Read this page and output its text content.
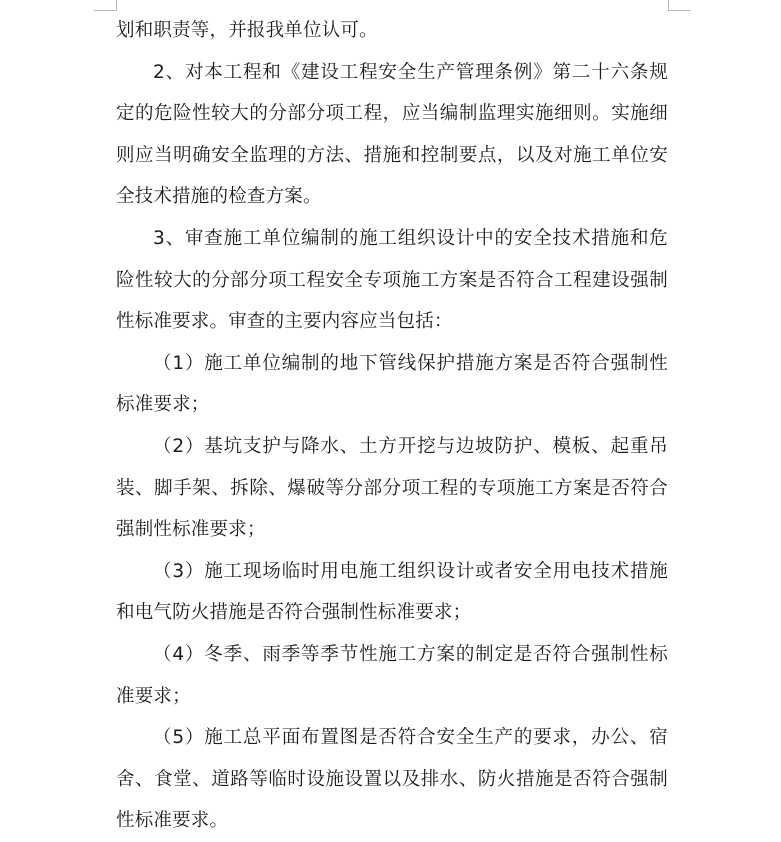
划和职责等，并报我单位认可。

2、对本工程和《建设工程安全生产管理条例》第二十六条规定的危险性较大的分部分项工程，应当编制监理实施细则。实施细则应当明确安全监理的方法、措施和控制要点，以及对施工单位安全技术措施的检查方案。

3、审查施工单位编制的施工组织设计中的安全技术措施和危险性较大的分部分项工程安全专项施工方案是否符合工程建设强制性标准要求。审查的主要内容应当包括：

（1）施工单位编制的地下管线保护措施方案是否符合强制性标准要求；

（2）基坑支护与降水、土方开挖与边坡防护、模板、起重吊装、脚手架、拆除、爆破等分部分项工程的专项施工方案是否符合强制性标准要求；

（3）施工现场临时用电施工组织设计或者安全用电技术措施和电气防火措施是否符合强制性标准要求；

（4）冬季、雨季等季节性施工方案的制定是否符合强制性标准要求；

（5）施工总平面布置图是否符合安全生产的要求，办公、宿舍、食堂、道路等临时设施设置以及排水、防火措施是否符合强制性标准要求。
